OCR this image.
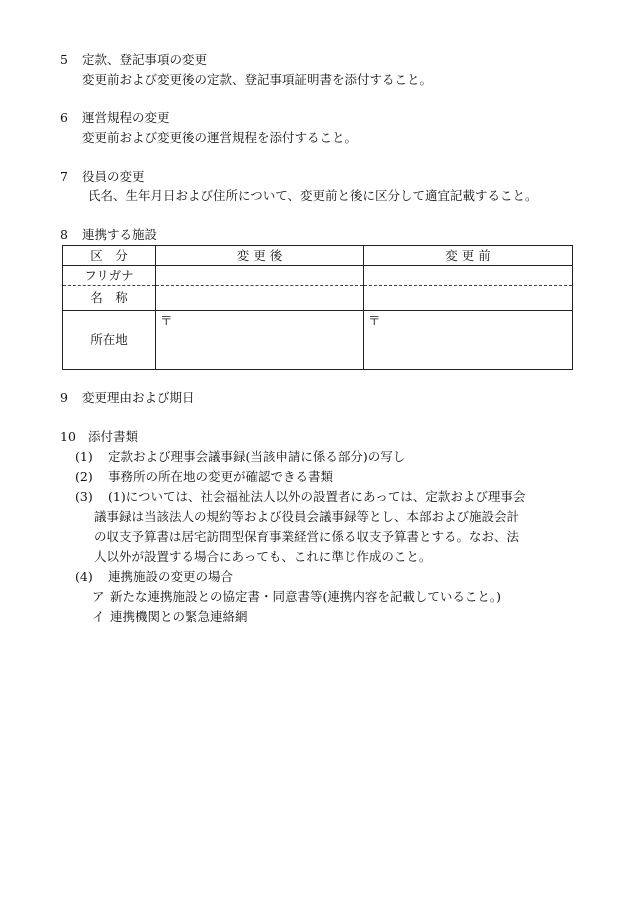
5 定款、登記事項の変更
変更前および変更後の定款、登記事項証明書を添付すること。
6 運営規程の変更
変更前および変更後の運営規程を添付すること。
7 役員の変更
氏名、生年月日および住所について、変更前と後に区分して適宜記載すること。
8 連携する施設
区　分	変 更 後	変 更 前
フリガナ		
名　称		
所在地	〒	〒
9 変更理由および期日
10 添付書類
(1) 定款および理事会議事録(当該申請に係る部分)の写し
(2) 事務所の所在地の変更が確認できる書類
(3) (1)については、社会福祉法人以外の設置者にあっては、定款および理事会
議事録は当該法人の規約等および役員会議事録等とし、本部および施設会計
の収支予算書は居宅訪問型保育事業経営に係る収支予算書とする。なお、法
人以外が設置する場合にあっても、これに準じ作成のこと。
(4) 連携施設の変更の場合
ア 新たな連携施設との協定書・同意書等(連携内容を記載していること。)
イ 連携機関との緊急連絡網
